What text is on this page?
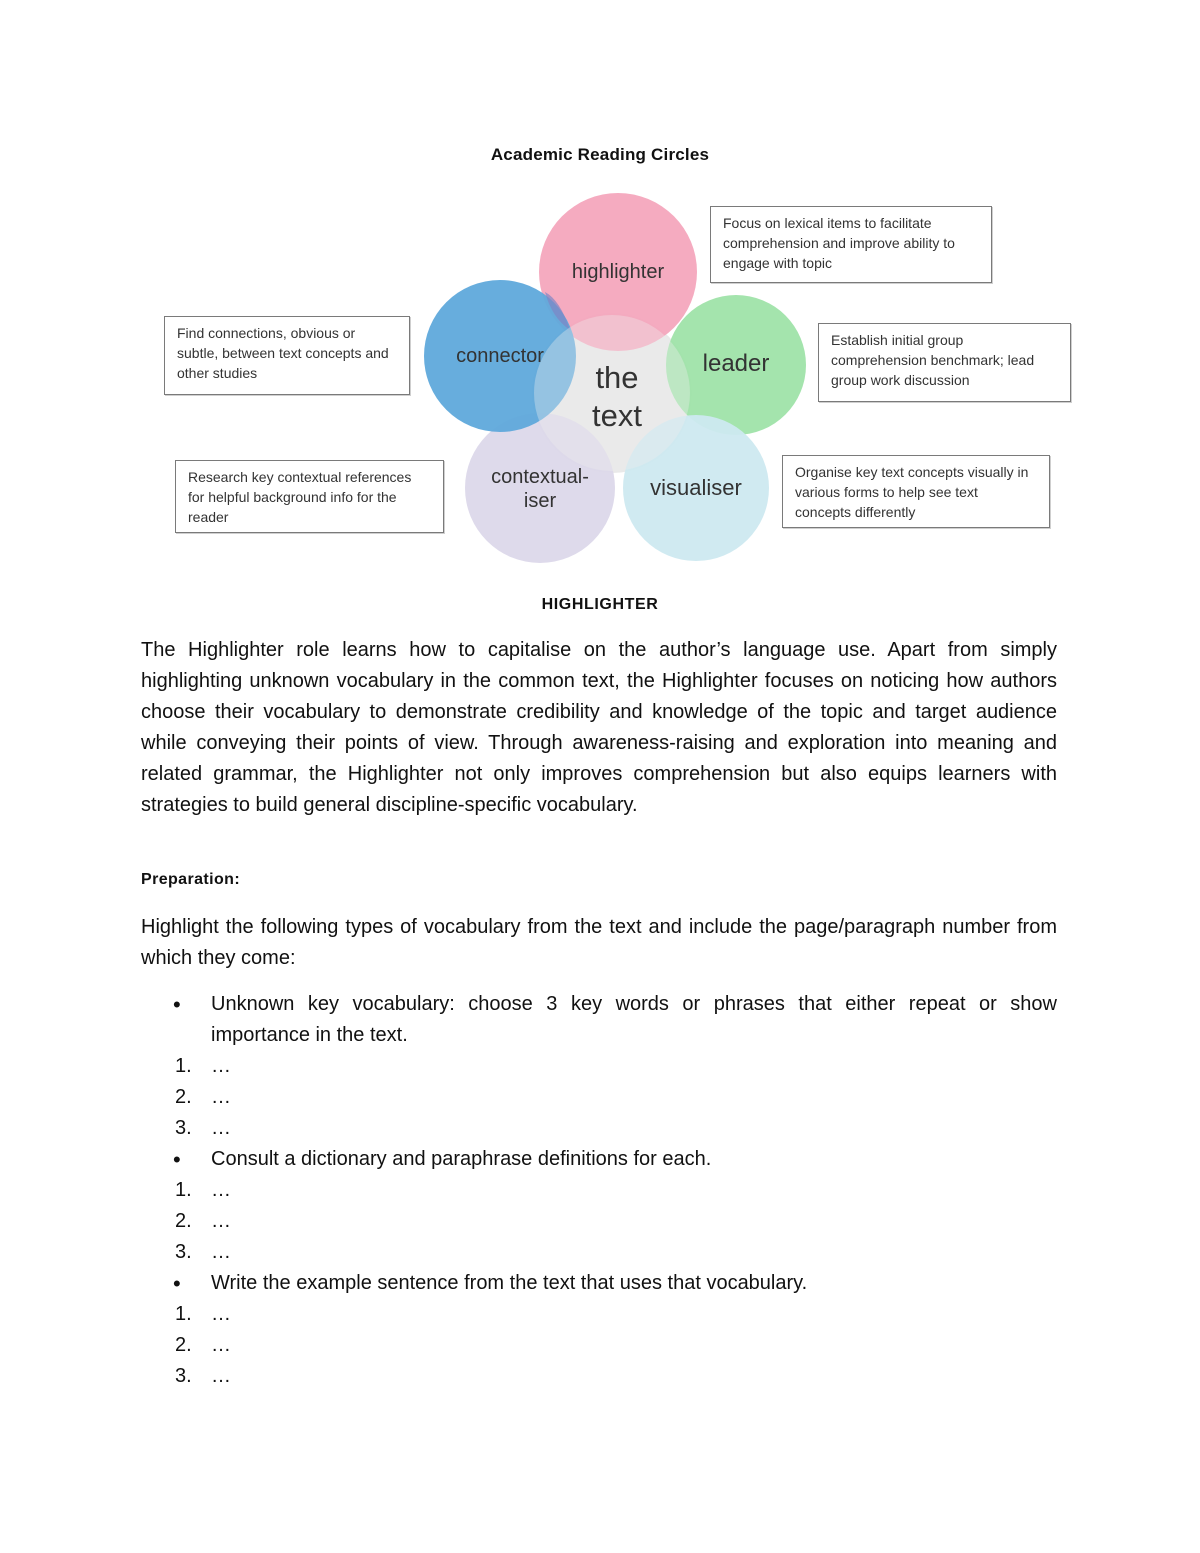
Academic Reading Circles
highlighter
leader
visualiser
contextual-
iser
connector
the
text
Focus on lexical items to facilitate comprehension and improve ability to engage with topic
Establish initial group comprehension benchmark; lead group work discussion
Organise key text concepts visually in various forms to help see text concepts differently
Research key contextual references for helpful background info for the reader
Find connections, obvious or subtle, between text concepts and other studies
HIGHLIGHTER
The Highlighter role learns how to capitalise on the author’s language use. Apart from simply highlighting unknown vocabulary in the common text, the Highlighter focuses on noticing how authors choose their vocabulary to demonstrate credibility and knowledge of the topic and target audience while conveying their points of view. Through awareness-raising and exploration into meaning and related grammar, the Highlighter not only improves comprehension but also equips learners with strategies to build general discipline-specific vocabulary.
Preparation:
Highlight the following types of vocabulary from the text and include the page/paragraph number from which they come:
• Unknown key vocabulary: choose 3 key words or phrases that either repeat or show importance in the text.
1. …
2. …
3. …
• Consult a dictionary and paraphrase definitions for each.
1. …
2. …
3. …
• Write the example sentence from the text that uses that vocabulary.
1. …
2. …
3. …
